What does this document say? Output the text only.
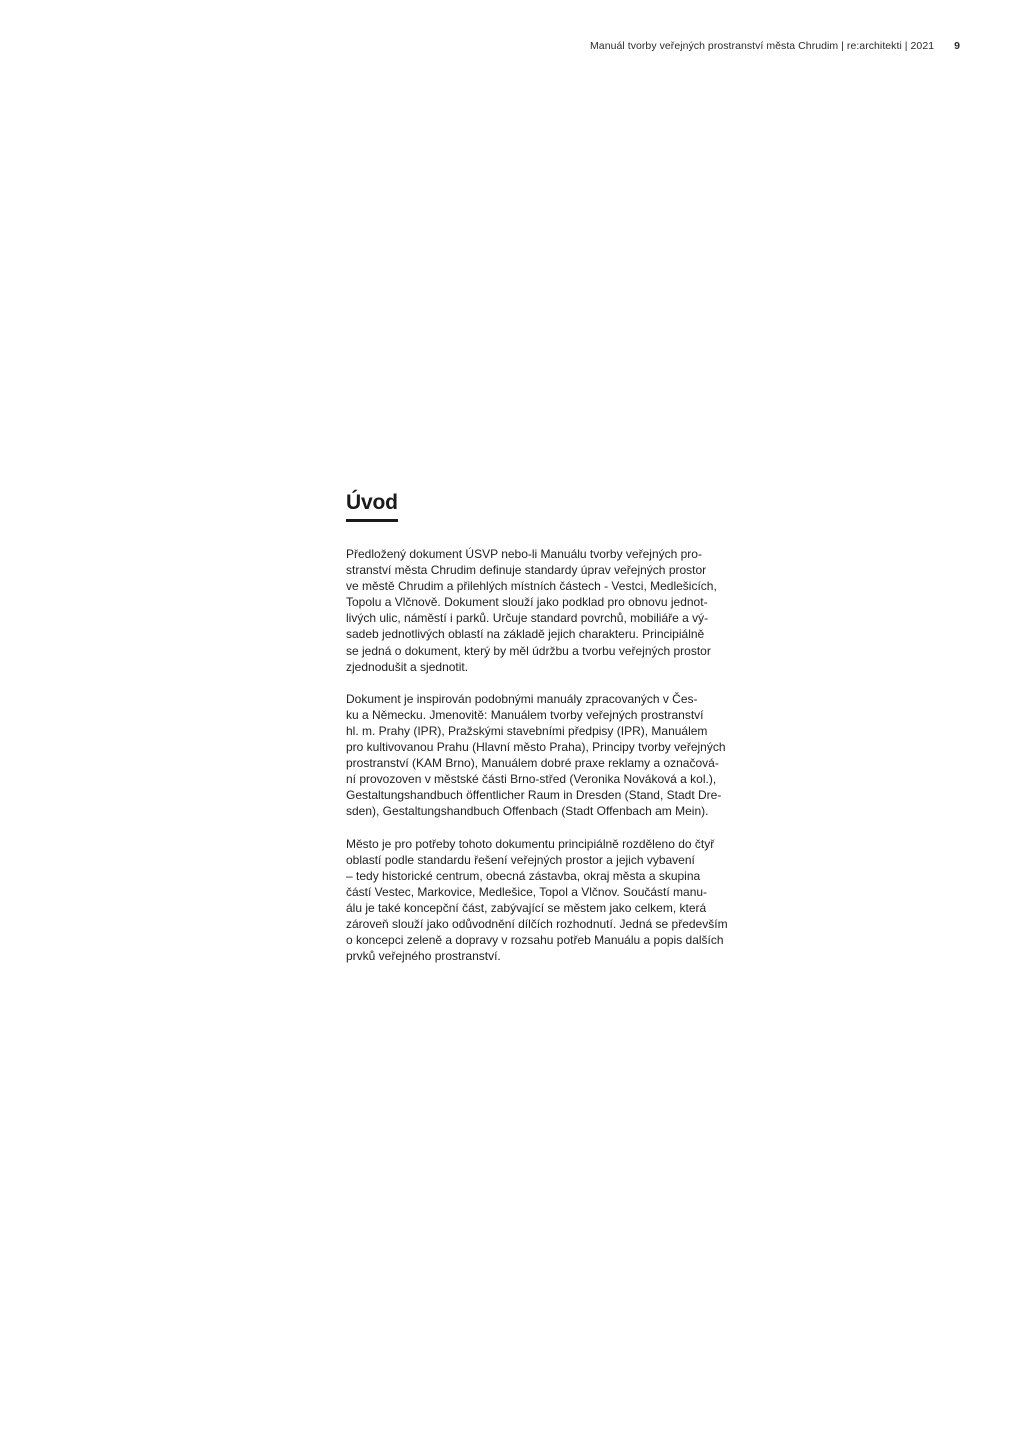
Manuál tvorby veřejných prostranství města Chrudim | re:architekti | 2021 9
Úvod

Předložený dokument ÚSVP nebo-li Manuálu tvorby veřejných pro-
stranství města Chrudim definuje standardy úprav veřejných prostor
ve městě Chrudim a přilehlých místních částech - Vestci, Medlešicích,
Topolu a Vlčnově. Dokument slouží jako podklad pro obnovu jednot-
livých ulic, náměstí i parků. Určuje standard povrchů, mobiliáře a vý-
sadeb jednotlivých oblastí na základě jejich charakteru. Principiálně
se jedná o dokument, který by měl údržbu a tvorbu veřejných prostor
zjednodušit a sjednotit.

Dokument je inspirován podobnými manuály zpracovaných v Čes-
ku a Německu. Jmenovitě: Manuálem tvorby veřejných prostranství
hl. m. Prahy (IPR), Pražskými stavebními předpisy (IPR), Manuálem
pro kultivovanou Prahu (Hlavní město Praha), Principy tvorby veřejných
prostranství (KAM Brno), Manuálem dobré praxe reklamy a označová-
ní provozoven v městské části Brno-střed (Veronika Nováková a kol.),
Gestaltungshandbuch öffentlicher Raum in Dresden (Stand, Stadt Dre-
sden), Gestaltungshandbuch Offenbach (Stadt Offenbach am Mein).

Město je pro potřeby tohoto dokumentu principiálně rozděleno do čtyř
oblastí podle standardu řešení veřejných prostor a jejich vybavení
– tedy historické centrum, obecná zástavba, okraj města a skupina
částí Vestec, Markovice, Medlešice, Topol a Vlčnov. Součástí manu-
álu je také koncepční část, zabývající se městem jako celkem, která
zároveň slouží jako odůvodnění dílčích rozhodnutí. Jedná se především
o koncepci zeleně a dopravy v rozsahu potřeb Manuálu a popis dalších
prvků veřejného prostranství.
